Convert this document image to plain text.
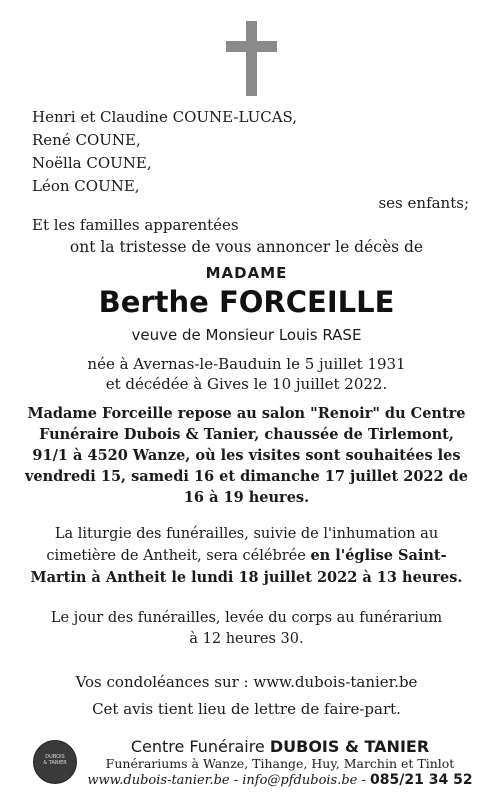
Henri et Claudine COUNE-LUCAS,
René COUNE,
Noëlla COUNE,
Léon COUNE,
ses enfants;
Et les familles apparentées
ont la tristesse de vous annoncer le décès de
MADAME
Berthe FORCEILLE
veuve de Monsieur Louis RASE
née à Avernas-le-Bauduin le 5 juillet 1931
et décédée à Gives le 10 juillet 2022.
Madame Forceille repose au salon "Renoir" du Centre
Funéraire Dubois & Tanier, chaussée de Tirlemont,
91/1 à 4520 Wanze, où les visites sont souhaitées les
vendredi 15, samedi 16 et dimanche 17 juillet 2022 de
16 à 19 heures.
La liturgie des funérailles, suivie de l'inhumation au
cimetière de Antheit, sera célébrée en l'église Saint-
Martin à Antheit le lundi 18 juillet 2022 à 13 heures.
Le jour des funérailles, levée du corps au funérarium
à 12 heures 30.
Vos condoléances sur : www.dubois-tanier.be
Cet avis tient lieu de lettre de faire-part.
DUBOIS
& TANIER
Centre Funéraire DUBOIS & TANIER
Funérariums à Wanze, Tihange, Huy, Marchin et Tinlot
www.dubois-tanier.be - info@pfdubois.be - 085/21 34 52
